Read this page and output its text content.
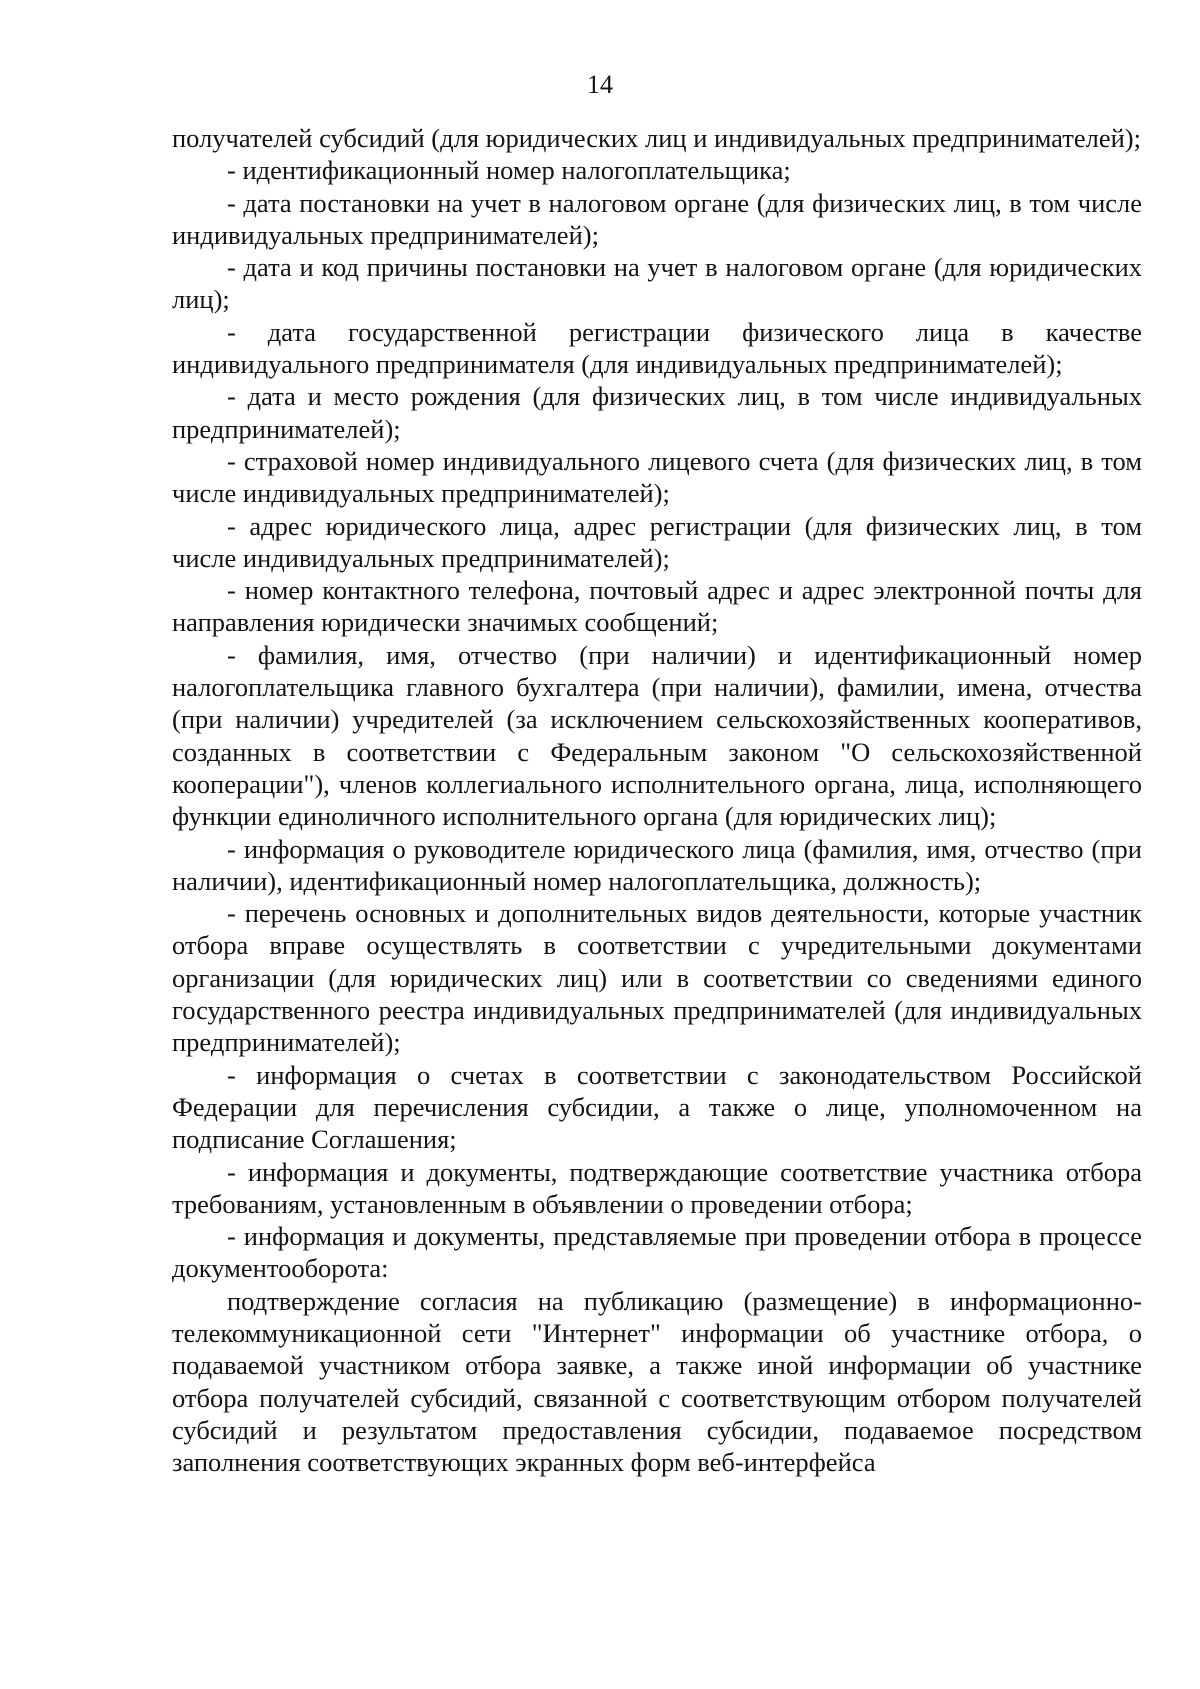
14

получателей субсидий (для юридических лиц и индивидуальных предпринимателей);

- идентификационный номер налогоплательщика;

- дата постановки на учет в налоговом органе (для физических лиц, в том числе индивидуальных предпринимателей);

- дата и код причины постановки на учет в налоговом органе (для юридических лиц);

- дата государственной регистрации физического лица в качестве индивидуального предпринимателя (для индивидуальных предпринимателей);

- дата и место рождения (для физических лиц, в том числе индивидуальных предпринимателей);

- страховой номер индивидуального лицевого счета (для физических лиц, в том числе индивидуальных предпринимателей);

- адрес юридического лица, адрес регистрации (для физических лиц, в том числе индивидуальных предпринимателей);

- номер контактного телефона, почтовый адрес и адрес электронной почты для направления юридически значимых сообщений;

- фамилия, имя, отчество (при наличии) и идентификационный номер налогоплательщика главного бухгалтера (при наличии), фамилии, имена, отчества (при наличии) учредителей (за исключением сельскохозяйственных кооперативов, созданных в соответствии с Федеральным законом "О сельскохозяйственной кооперации"), членов коллегиального исполнительного органа, лица, исполняющего функции единоличного исполнительного органа (для юридических лиц);

- информация о руководителе юридического лица (фамилия, имя, отчество (при наличии), идентификационный номер налогоплательщика, должность);

- перечень основных и дополнительных видов деятельности, которые участник отбора вправе осуществлять в соответствии с учредительными документами организации (для юридических лиц) или в соответствии со сведениями единого государственного реестра индивидуальных предпринимателей (для индивидуальных предпринимателей);

- информация о счетах в соответствии с законодательством Российской Федерации для перечисления субсидии, а также о лице, уполномоченном на подписание Соглашения;

- информация и документы, подтверждающие соответствие участника отбора требованиям, установленным в объявлении о проведении отбора;

- информация и документы, представляемые при проведении отбора в процессе документооборота:

подтверждение согласия на публикацию (размещение) в информационно-телекоммуникационной сети "Интернет" информации об участнике отбора, о подаваемой участником отбора заявке, а также иной информации об участнике отбора получателей субсидий, связанной с соответствующим отбором получателей субсидий и результатом предоставления субсидии, подаваемое посредством заполнения соответствующих экранных форм веб-интерфейса
